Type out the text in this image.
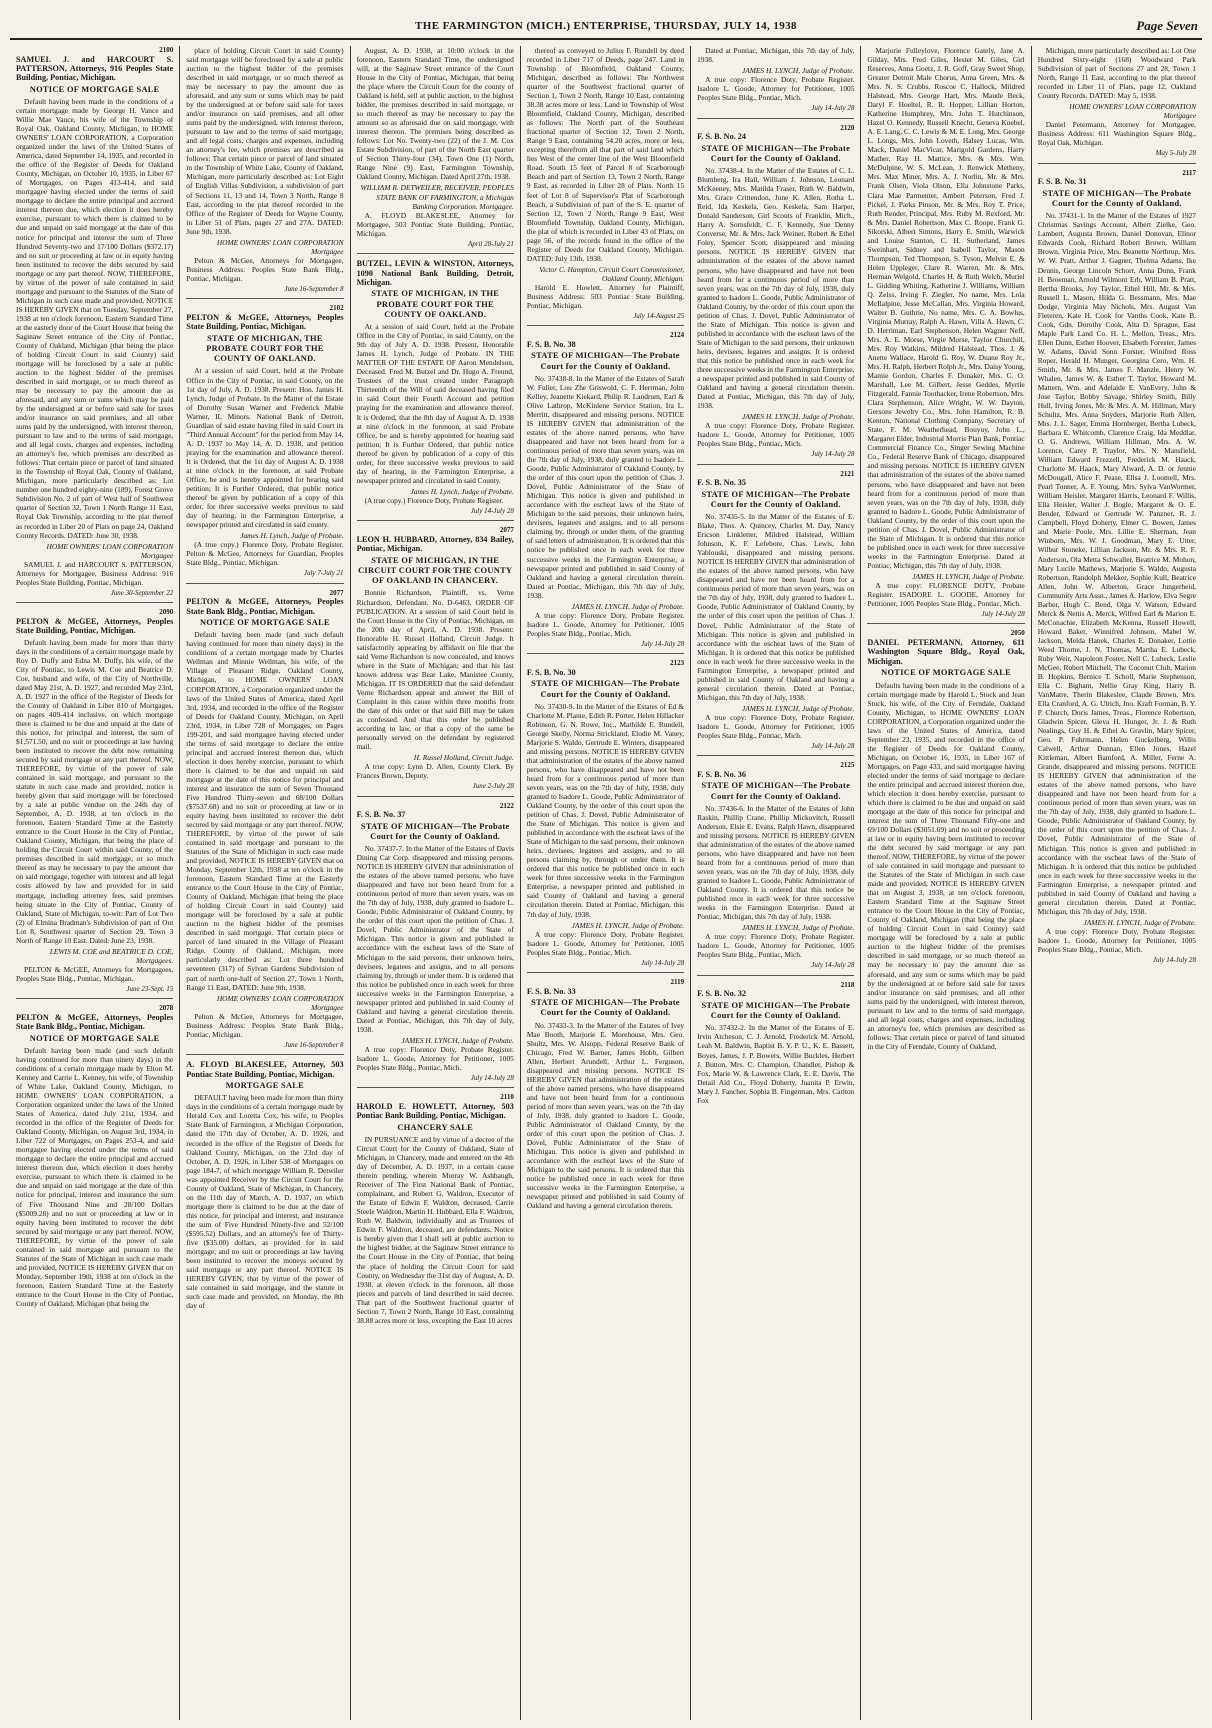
THE FARMINGTON (MICH.) ENTERPRISE, THURSDAY, JULY 14, 1938	Page Seven
2100
SAMUEL J. and HARCOURT S. PATTERSON, Attorneys, 916 Peoples State Building, Pontiac, Michigan.
NOTICE OF MORTGAGE SALE
Default having been made in the conditions of a certain mortgage made by George H. Vance and Willie Mae Vance, his wife of the Township of Royal Oak, Oakland County, Michigan, to HOME OWNERS' LOAN CORPORATION, a Corporation organized under the laws of the United States of America, dated September 14, 1935, and recorded in the office of the Register of Deeds for Oakland County, Michigan, on October 10, 1935, in Liber 67 of Mortgages, on Pages 413-414, and said mortgagee having elected under the terms of said mortgage to declare the entire principal and accrued interest thereon due, which election it does hereby exercise, pursuant to which there is claimed to be due and unpaid on said mortgage at the date of this notice for principal and interest the sum of Three Hundred Seventy-two and 17/100 Dollars ($372.17) and no suit or proceeding at law or in equity having been instituted to recover the debt secured by said mortgage or any part thereof. NOW, THEREFORE, by virtue of the power of sale contained in said mortgage and pursuant to the Statutes of the State of Michigan in such case made and provided, NOTICE IS HEREBY GIVEN that on Tuesday, September 27, 1938 at ten o'clock forenoon, Eastern Standard Time at the easterly door of the Court House that being the Saginaw Street entrance of the City of Pontiac, County of Oakland, Michigan (that being the place of holding Circuit Court in said County) said mortgage will be foreclosed by a sale at public auction to the highest bidder of the premises described in said mortgage, or so much thereof as may be necessary to pay the amount due as aforesaid, and any sum or sums which may be paid by the undersigned at or before said sale for taxes and/or insurance on said premises, and all other sums paid by the undersigned, with interest thereon, pursuant to law and to the terms of said mortgage, and all legal costs, charges and expenses, including an attorney's fee, which premises are described as follows: That certain piece or parcel of land situated in the Township of Royal Oak, County of Oakland, Michigan, more particularly described as: Lot number one hundred eighty-nine (189), Forest Grove Subdivision No. 2 of part of West half of Southwest quarter of Section 32, Town 1 North Range 11 East, Royal Oak Township, according to the plat thereof as recorded in Liber 20 of Plats on page 24, Oakland County Records. DATED: June 30, 1938.
HOME OWNERS' LOAN CORPORATION Mortgagee
SAMUEL J. and HARCOURT S. PATTERSON, Attorneys for Mortgagee, Business Address: 916 Peoples State Building, Pontiac, Michigan.
June 30-September 22
2090
PELTON & McGEE, Attorneys, Peoples State Building, Pontiac, Michigan.
Default having been made for more than thirty days in the conditions of a certain mortgage made by Roy D. Duffy and Edna M. Duffy, his wife, of the City of Pontiac, to Lewis M. Coe and Beatrice D. Coe, husband and wife, of the City of Northville, dated May 21st, A. D. 1927, and recorded May 23rd, A. D. 1927 in the office of the Register of Deeds for the County of Oakland in Liber 810 of Mortgages, on pages 409-414 inclusive, on which mortgage there is claimed to be due and unpaid at the date of this notice, for principal and interest, the sum of $1,571.50, and no suit or proceedings at law having been instituted to recover the debt now remaining secured by said mortgage or any part thereof. NOW, THEREFORE, by virtue of the power of sale contained in said mortgage, and pursuant to the statute in such case made and provided, notice is hereby given that said mortgage will be foreclosed by a sale at public vendue on the 24th day of September, A. D. 1938, at ten o'clock in the forenoon, Eastern Standard Time at the Easterly entrance to the Court House in the City of Pontiac, Oakland County, Michigan, that being the place of holding the Circuit Court within said County, of the premises described in said mortgage, or so much thereof as may be necessary to pay the amount due on said mortgage, together with interest and all legal costs allowed by law and provided for in said mortgage, including attorney fees, said premises being situate in the City of Pontiac, County of Oakland, State of Michigan, to-wit: Part of Lot Two (2) of Elmina Bradman's Subdivision of part of Out Lot 8, Southwest quarter of Section 29, Town 3 North of Range 10 East. Dated: June 23, 1938.
LEWIS M. COE and BEATRICE D. COE, Mortgagees.
PELTON & McGEE, Attorneys for Mortgagees, Peoples State Bldg., Pontiac, Michigan.
June 23-Sept. 15
2078
PELTON & McGEE, Attorneys, Peoples State Bank Bldg., Pontiac, Michigan.
NOTICE OF MORTGAGE SALE
Default having been made (and such default having continued for more than ninety days) in the conditions of a certain mortgage made by Elton M. Kenney and Carrie L. Kenney, his wife, of Township of White Lake, Oakland County, Michigan, to HOME OWNERS' LOAN CORPORATION, a Corporation organized under the laws of the United States of America, dated July 21st, 1934, and recorded in the office of the Register of Deeds for Oakland County, Michigan, on August 3rd, 1934, in Liber 722 of Mortgages, on Pages 253-4, and said mortgagee having elected under the terms of said mortgage to declare the entire principal and accrued interest thereon due, which election it does hereby exercise, pursuant to which there is claimed to be due and unpaid on said mortgage at the date of this notice for principal, interest and insurance the sum of Five Thousand Nine and 28/100 Dollars ($5009.28) and no suit or proceeding at law or in equity having been instituted to recover the debt secured by said mortgage or any part thereof. NOW, THEREFORE, by virtue of the power of sale contained in said mortgage and pursuant to the Statutes of the State of Michigan in such case made and provided, NOTICE IS HEREBY GIVEN that on Monday, September 19th, 1938 at ten o'clock in the forenoon, Eastern Standard Time at the Easterly entrance to the Court House in the City of Pontiac, County of Oakland, Michigan (that being the
place of holding Circuit Court in said County) said mortgage will be foreclosed by a sale at public auction to the highest bidder of the premises described in said mortgage, or so much thereof as may be necessary to pay the amount due as aforesaid, and any sum or sums which may be paid by the undersigned at or before said sale for taxes and/or insurance on said premises, and all other sums paid by the undersigned, with interest thereon, pursuant to law and to the terms of said mortgage, and all legal costs, charges and expenses, including an attorney's fee, which premises are described as follows: That certain piece or parcel of land situated in the Township of White Lake, County of Oakland, Michigan, more particularly described as: Lot Eight of English Villas Subdivision, a subdivision of part of Sections 11, 13 and 14, Town 3 North, Range 8 East, according to the plat thereof recorded in the Office of the Register of Deeds for Wayne County, in Liber 51 of Plats, pages 27 and 27A. DATED: June 9th, 1938.
HOME OWNERS' LOAN CORPORATION Mortgagee
Pelton & McGee, Attorneys for Mortgagee, Business Address: Peoples State Bank Bldg., Pontiac, Michigan.
June 16-September 8
2102
PELTON & McGEE, Attorneys, Peoples State Building, Pontiac, Michigan.
STATE OF MICHIGAN, THE PROBATE COURT FOR THE COUNTY OF OAKLAND.
At a session of said Court, held at the Probate Office in the City of Pontiac, in said County, on the 1st day of July, A. D. 1938. Present: Hon. James H. Lynch, Judge of Probate. In the Matter of the Estate of Dorothy Susan Warner and Frederick Mabie Warner, II, Minors. National Bank of Detroit, Guardian of said estate having filed in said Court its "Third Annual Account" for the period from May 14, A. D. 1937 to May 14, A. D. 1938, and petition praying for the examination and allowance thereof. It is Ordered, that the 1st day of August A. D. 1938 at nine o'clock in the forenoon, at said Probate Office, be and is hereby appointed for hearing said petition; It is Further Ordered, that public notice thereof be given by publication of a copy of this order, for three successive weeks previous to said day of hearing, in the Farmington Enterprise, a newspaper printed and circulated in said county.
James H. Lynch, Judge of Probate.
(A true copy.) Florence Doty, Probate Register. Pelton & McGee, Attorneys for Guardian, Peoples State Bldg., Pontiac, Michigan.
July 7-July 21
2077
PELTON & McGEE, Attorneys, Peoples State Bank Bldg., Pontiac, Michigan.
NOTICE OF MORTGAGE SALE
Default having been made (and such default having continued for more than ninety days) in the conditions of a certain mortgage made by Charles Wellman and Minnie Wellman, his wife, of the Village of Pleasant Ridge, Oakland County, Michigan, to HOME OWNERS' LOAN CORPORATION, a Corporation organized under the laws of the United States of America, dated April 3rd, 1934, and recorded in the office of the Register of Deeds for Oakland County, Michigan, on April 23rd, 1934, in Liber 728 of Mortgages, on Pages 199-201, and said mortgagee having elected under the terms of said mortgage to declare the entire principal and accrued interest thereon due, which election it does hereby exercise, pursuant to which there is claimed to be due and unpaid on said mortgage at the date of this notice for principal and interest and insurance the sum of Seven Thousand Five Hundred Thirty-seven and 68/100 Dollars ($7537.68) and no suit or proceeding at law or in equity having been instituted to recover the debt secured by said mortgage or any part thereof. NOW, THEREFORE, by virtue of the power of sale contained in said mortgage and pursuant to the Statutes of the State of Michigan in such case made and provided, NOTICE IS HEREBY GIVEN that on Monday, September 12th, 1938 at ten o'clock in the forenoon, Eastern Standard Time at the Easterly entrance to the Court House in the City of Pontiac, County of Oakland, Michigan (that being the place of holding Circuit Court in said County) said mortgage will be foreclosed by a sale at public auction to the highest bidder of the premises described in said mortgage. That certain piece or parcel of land situated in the Village of Pleasant Ridge, County of Oakland, Michigan, more particularly described as: Lot three hundred seventeen (317) of Sylvan Gardens Subdivision of part of north one-half of Section 27, Town 1 North, Range 11 East, DATED: June 9th, 1938.
HOME OWNERS' LOAN CORPORATION Mortgagee
Pelton & McGee, Attorneys for Mortgagee, Business Address: Peoples State Bank Bldg., Pontiac, Michigan.
June 16-September 8
A. FLOYD BLAKESLEE, Attorney, 503 Pontiac State Building, Pontiac, Michigan.
MORTGAGE SALE
DEFAULT having been made for more than thirty days in the conditions of a certain mortgage made by Herald Cox and Loretta Cox, his wife, to Peoples State Bank of Farmington, a Michigan Corporation, dated the 17th day of October, A. D. 1926, and recorded in the office of the Register of Deeds for Oakland County, Michigan, on the 23rd day of October, A. D. 1926, in Liber 538 of Mortgages on page 184-7, of which mortgage William R. Detwiler was appointed Receiver by the Circuit Court for the County of Oakland, State of Michigan, in Chancery, on the 11th day of March, A. D. 1937, on which mortgage there is claimed to be due at the date of this notice, for principal and interest, and insurance the sum of Five Hundred Ninety-five and 52/100 ($595.52) Dollars, and an attorney's fee of Thirty-five ($35.00) dollars, as provided for in said mortgage, and no suit or proceedings at law having been instituted to recover the moneys secured by said mortgage or any part thereof. NOTICE IS HEREBY GIVEN, that by virtue of the power of sale contained in said mortgage, and the statute in such case made and provided, on Monday, the 8th day of
August, A. D. 1938, at 10:00 o'clock in the forenoon, Eastern Standard Time, the undersigned will, at the Saginaw Street entrance of the Court House in the City of Pontiac, Michigan, that being the place where the Circuit Court for the county of Oakland is held, sell at public auction, to the highest bidder, the premises described in said mortgage, or so much thereof as may be necessary to pay the amount so as aforesaid due on said mortgage, with interest thereon. The premises being described as follows: Lot No. Twenty-two (22) of the J. M. Cox Estate Subdivision, of part of the North East quarter of Section Thirty-four (34), Town One (1) North, Range Nine (9) East, Farmington Township, Oakland County, Michigan. Dated April 27th, 1938.
WILLIAM R. DETWEILER, RECEIVER, PEOPLES STATE BANK OF FARMINGTON, a Michigan Banking Corporation. Mortgagee.
A. FLOYD BLAKESLEE, Attorney for Mortgagee, 503 Pontiac State Building, Pontiac, Michigan.
April 28-July 21
BUTZEL, LEVIN & WINSTON, Attorneys, 1090 National Bank Building, Detroit, Michigan.
STATE OF MICHIGAN, IN THE PROBATE COURT FOR THE COUNTY OF OAKLAND.
At a session of said Court, held at the Probate Office in the City of Pontiac, in said County, on the 9th day of July A. D. 1938. Present, Honorable James H. Lynch, Judge of Probate. IN THE MATTER OF THE ESTATE OF Aaron Mendelson, Deceased. Fred M. Butzel and Dr. Hugo A. Freund, Trustees of the trust created under Paragraph Thirteenth of the Will of said deceased having filed in said Court their Fourth Account and petition praying for the examination and allowance thereof. It is Ordered, that the 8th day of August A. D. 1938 at nine o'clock in the forenoon, at said Probate Office, be and is hereby appointed for hearing said petition; It is Further Ordered, that public notice thereof be given by publication of a copy of this order, for three successive weeks previous to said day of hearing, in the Farmington Enterprise, a newspaper printed and circulated in said County.
James H. Lynch, Judge of Probate.
(A true copy.) Florence Doty, Probate Register.
July 14-July 28
2077
LEON H. HUBBARD, Attorney, 834 Bailey, Pontiac, Michigan.
STATE OF MICHIGAN, IN THE CIRCUIT COURT FOR THE COUNTY OF OAKLAND IN CHANCERY.
Bonnie Richardson, Plaintiff, vs. Verne Richardson, Defendant. No. D-6463. ORDER OF PUBLICATION. At a session of said Court held in the Court House in the City of Pontiac, Michigan, on the 20th day of April, A. D. 1938. Present: Honorable H. Russel Holland, Circuit Judge. It satisfactorily appearing by affidavit on file that the said Verne Richardson is now concealed, and knows where in the State of Michigan; and that his last known address was Bear Lake, Manistee County, Michigan. IT IS ORDERED that the said defendant Verne Richardson appear and answer the Bill of Complaint in this cause within three months from the date of this order or that said Bill may be taken as confessed. And that this order be published according to law, or that a copy of the same be personally served on the defendant by registered mail.
H. Russel Holland, Circuit Judge.
A true copy: Lynn D. Allen, County Clerk. By Frances Brown, Deputy.
June 2-July 28
2122
F. S. B. No. 37
STATE OF MICHIGAN—The Probate Court for the County of Oakland.
No. 37437-7. In the Matter of the Estates of Davis Dining Car Corp. disappeared and missing persons. NOTICE IS HEREBY GIVEN that administration of the estates of the above named persons, who have disappeared and have not been heard from for a continuous period of more than seven years, was on the 7th day of July, 1938, duly granted to Isadore L. Goode, Public Administrator of Oakland County, by the order of this court upon the petition of Chas. J. Dovel, Public Administrator of the State of Michigan. This notice is given and published in accordance with the escheat laws of the State of Michigan to the said persons, their unknown heirs, devisees, legatees and assigns, and to all persons claiming by, through or under them. It is ordered that this notice be published once in each week for three successive weeks in the Farmington Enterprise, a newspaper printed and published in said County of Oakland and having a general circulation therein. Dated at Pontiac, Michigan, this 7th day of July, 1938.
JAMES H. LYNCH, Judge of Probate.
A true copy: Florence Doty, Probate Register. Isadore L. Goode, Attorney for Petitioner, 1005 Peoples State Bldg., Pontiac, Mich.
July 14-July 28
2110
HAROLD E. HOWLETT, Attorney, 503 Pontiac Bank Building, Pontiac, Michigan.
CHANCERY SALE
IN PURSUANCE and by virtue of a decree of the Circuit Court for the County of Oakland, State of Michigan, in Chancery, made and entered on the 4th day of December, A. D. 1937, in a certain cause therein pending, wherein Murray W. Ashbaugh, Receiver of The First National Bank of Pontiac, complainant, and Robert G. Waldron, Executor of the Estate of Edwin F. Waldron, deceased, Carrie Steele Waldron, Martin H. Hubbard, Ella F. Waldron, Ruth W. Baldwin, individually and as Trustees of Edwin F. Waldron, deceased, are defendants. Notice is hereby given that I shall sell at public auction to the highest bidder, at the Saginaw Street entrance to the Court House in the City of Pontiac, that being the place of holding the Circuit Court for said County, on Wednesday the 31st day of August, A. D. 1938, at eleven o'clock in the forenoon, all those pieces and parcels of land described in said decree. That part of the Southwest fractional quarter of Section 7, Town 2 North, Range 10 East, containing 38.88 acres more or less, excepting the East 10 acres
thereof as conveyed to Julius F. Rundell by deed recorded in Liber 717 of Deeds, page 247. Land in Township of Bloomfield, Oakland County, Michigan, described as follows: The Northwest quarter of the Southwest fractional quarter of Section 1, Town 2 North, Range 10 East, containing 38.38 acres more or less. Land in Township of West Bloomfield, Oakland County, Michigan, described as follows: The North part of the Southeast fractional quarter of Section 12, Town 2 North, Range 9 East, containing 54.20 acres, more or less, excepting therefrom all that part of said land which lies West of the center line of the West Bloomfield Road. South 15 feet of Parcel 8 of Scarborough Beach and part of Section 13, Town 2 North, Range 9 East, as recorded in Liber 28 of Plats. North 15 feet of Lot 8 of Supervisor's Plat of Scarborough Beach, a Subdivision of part of the S. E. quarter of Section 12, Town 2 North, Range 9 East, West Bloomfield Township, Oakland County, Michigan, the plat of which is recorded in Liber 43 of Plats, on page 56, of the records found in the office of the Register of Deeds for Oakland County, Michigan. DATED: July 13th, 1938.
Victor C. Hampton, Circuit Court Commissioner, Oakland County, Michigan.
Harold E. Howlett, Attorney for Plaintiff, Business Address: 503 Pontiac State Building, Pontiac, Michigan.
July 14-August 25
2124
F. S. B. No. 38
STATE OF MICHIGAN—The Probate Court for the County of Oakland.
No. 37438-8. In the Matter of the Estates of Sarah W. Fuller, Lou Zhe Griswold, C. F. Herrman, John Kelley, Jeanette Kiekard, Philip R. Landrum, Earl & Olive Lathrop, McKinlene Service Station, Ira L. Merritt, disappeared and missing persons. NOTICE IS HEREBY GIVEN that administration of the estates of the above named persons, who have disappeared and have not been heard from for a continuous period of more than seven years, was on the 7th day of July, 1938, duly granted to Isadore L. Goode, Public Administrator of Oakland County, by the order of this court upon the petition of Chas. J. Dovel, Public Administrator of the State of Michigan. This notice is given and published in accordance with the escheat laws of the State of Michigan to the said persons, their unknown heirs, devisees, legatees and assigns, and to all persons claiming by, through or under them, of the granting of said letters of administration. It is ordered that this notice be published once in each week for three successive weeks in the Farmington Enterprise, a newspaper printed and published in said County of Oakland and having a general circulation therein. Dated at Pontiac, Michigan, this 7th day of July, 1938.
JAMES H. LYNCH, Judge of Probate.
A true copy: Florence Doty, Probate Register. Isadore L. Goode, Attorney for Petitioner, 1005 Peoples State Bldg., Pontiac, Mich.
July 14-July 28
2123
F. S. B. No. 30
STATE OF MICHIGAN—The Probate Court for the County of Oakland.
No. 37430-9. In the Matter of the Estates of Ed & Charlotte M. Plante, Edith R. Porter, Helen Hillacker Robinson, G. N. Rowe, Inc., Mathilde E. Rundell, George Skelly, Norma Strickland, Elodie M. Vaney, Marjorie S. Waldo, Gertrude E. Winters, disappeared and missing persons. NOTICE IS HEREBY GIVEN that administration of the estates of the above named persons, who have disappeared and have not been heard from for a continuous period of more than seven years, was on the 7th day of July, 1938, duly granted to Isadore L. Goode, Public Administrator of Oakland County, by the order of this court upon the petition of Chas. J. Dovel, Public Administrator of the State of Michigan. This notice is given and published in accordance with the escheat laws of the State of Michigan to the said persons, their unknown heirs, devisees, legatees and assigns, and to all persons claiming by, through or under them. It is ordered that this notice be published once in each week for three successive weeks in the Farmington Enterprise, a newspaper printed and published in said County of Oakland and having a general circulation therein. Dated at Pontiac, Michigan, this 7th day of July, 1938.
JAMES H. LYNCH, Judge of Probate.
A true copy: Florence Doty, Probate Register. Isadore L. Goode, Attorney for Petitioner, 1005 Peoples State Bldg., Pontiac, Mich.
July 14-July 28
2119
F. S. B. No. 33
STATE OF MICHIGAN—The Probate Court for the County of Oakland.
No. 37433-3. In the Matter of the Estates of Ivey Mae Booth, Marjorie E. Morehouse, Mrs. Geo. Shultz, Mrs. W. Alsopp, Federal Reserve Bank of Chicago, Fred W. Barner, James Hobb, Gilbert Allen, Herbert Arundell, Arthur L. Ferguson, disappeared and missing persons. NOTICE IS HEREBY GIVEN that administration of the estates of the above named persons, who have disappeared and have not been heard from for a continuous period of more than seven years, was on the 7th day of July, 1938, duly granted to Isadore L. Goode, Public Administrator of Oakland County, by the order of this court upon the petition of Chas. J. Dovel, Public Administrator of the State of Michigan. This notice is given and published in accordance with the escheat laws of the State of Michigan to the said persons. It is ordered that this notice be published once in each week for three successive weeks in the Farmington Enterprise, a newspaper printed and published in said County of Oakland and having a general circulation therein.
Dated at Pontiac, Michigan, this 7th day of July, 1938.
JAMES H. LYNCH, Judge of Probate.
A true copy: Florence Doty, Probate Register. Isadore L. Goode, Attorney for Petitioner, 1005 Peoples State Bldg., Pontiac, Mich.
July 14-July 28
2120
F. S. B. No. 24
STATE OF MICHIGAN—The Probate Court for the County of Oakland.
No. 37438-4. In the Matter of the Estates of C. L. Blumberg, Ira Hall, William J. Johnson, Leonard McKeeney, Mrs. Matilda Fraser, Ruth W. Baldwin, Mrs. Grace Crittendon, June K. Allen, Rotha L. Reid, Ida Keskela, Geo. Keskela, Sam Harper, Donald Sanderson, Girl Scouts of Franklin, Mich., Harry A. Sornsfeldt, C. F. Kennedy, Sue Denny Converse, Mr. & Mrs. Jack Weiner, Robert & Ethel Foley, Spencer Scott, disappeared and missing persons. NOTICE IS HEREBY GIVEN that administration of the estates of the above named persons, who have disappeared and have not been heard from for a continuous period of more than seven years, was on the 7th day of July, 1938, duly granted to Isadore L. Goode, Public Administrator of Oakland County, by the order of this court upon the petition of Chas. J. Dovel, Public Administrator of the State of Michigan. This notice is given and published in accordance with the escheat laws of the State of Michigan to the said persons, their unknown heirs, devisees, legatees and assigns. It is ordered that this notice be published once in each week for three successive weeks in the Farmington Enterprise, a newspaper printed and published in said County of Oakland and having a general circulation therein. Dated at Pontiac, Michigan, this 7th day of July, 1938.
JAMES H. LYNCH, Judge of Probate.
A true copy: Florence Doty, Probate Register. Isadore L. Goode, Attorney for Petitioner, 1005 Peoples State Bldg., Pontiac, Mich.
July 14-July 28
2121
F. S. B. No. 35
STATE OF MICHIGAN—The Probate Court for the County of Oakland.
No. 37435-5. In the Matter of the Estates of E. Blake, Thos. A. Quincey, Charles M. Day, Nancy Ericson Linkletter, Mildred Halstead, William Johnson, K. F. Lefebore, Chas. Lewis, John Yablouski, disappeared and missing persons. NOTICE IS HEREBY GIVEN that administration of the estates of the above named persons, who have disappeared and have not been heard from for a continuous period of more than seven years, was on the 7th day of July, 1938, duly granted to Isadore L. Goode, Public Administrator of Oakland County, by the order of this court upon the petition of Chas. J. Dovel, Public Administrator of the State of Michigan. This notice is given and published in accordance with the escheat laws of the State of Michigan. It is ordered that this notice be published once in each week for three successive weeks in the Farmington Enterprise, a newspaper printed and published in said County of Oakland and having a general circulation therein. Dated at Pontiac, Michigan, this 7th day of July, 1938.
JAMES H. LYNCH, Judge of Probate.
A true copy: Florence Doty, Probate Register. Isadore L. Goode, Attorney for Petitioner, 1005 Peoples State Bldg., Pontiac, Mich.
July 14-July 28
2125
F. S. B. No. 36
STATE OF MICHIGAN—The Probate Court for the County of Oakland.
No. 37436-6. In the Matter of the Estates of John Raskin, Phillip Crane, Phillip Mickovitch, Russell Anderson, Elsie E. Evans, Ralph Hawn, disappeared and missing persons. NOTICE IS HEREBY GIVEN that administration of the estates of the above named persons, who have disappeared and have not been heard from for a continuous period of more than seven years, was on the 7th day of July, 1938, duly granted to Isadore L. Goode, Public Administrator of Oakland County. It is ordered that this notice be published once in each week for three successive weeks in the Farmington Enterprise. Dated at Pontiac, Michigan, this 7th day of July, 1938.
JAMES H. LYNCH, Judge of Probate.
A true copy: Florence Doty, Probate Register. Isadore L. Goode, Attorney for Petitioner, 1005 Peoples State Bldg., Pontiac, Mich.
July 14-July 28
2118
F. S. B. No. 32
STATE OF MICHIGAN—The Probate Court for the County of Oakland.
No. 37432-2. In the Matter of the Estates of E. Irvin Atcheson, C. J. Arnold, Frederick M. Arnold, Leah M. Baldwin, Baptist B. Y. P. U., K. E. Bassett, Boyes, James, J. P. Bowers, Willie Buckles, Herbert J. Button, Mrs. C. Champion, Chandler, Pishop & Fox, Marie W. & Lawrence Clark, E. E. Davis, The Detail Aid Co., Floyd Doherty, Juanita P. Erwin, Mary J. Fancher, Sophia B. Fingerman, Mrs. Carlton Fox
Marjorie Fulleylove, Florence Gately, Jane A. Gilday, Mrs. Fred Giles, Hester M. Giles, Girl Reserves, Anna Goetz, J. R. Goff, Gray Sweet Shop, Greater Detroit Male Chorus, Anna Green, Mrs. & Mrs. N. S. Crubbs, Roscoe C. Hallock, Mildred Halstead, Mrs. George Hart, Mrs. Maude Beck, Daryl F. Hoeltel, R. R. Hopper, Lillian Horton, Katherine Humphrey, Mrs. John T. Hutchinson, Hazel O. Kennedy, Russell Knecht, Geneva Knebel, A. E. Lang, C. C. Lewis & M. E. Long, Mrs. George L. Longs, Mrs. John Loveth, Halsey Lucas, Wm. Mack, Daniel MacVicar, Marigold Gardens, Harry Mather, Ray H. Mattice, Mrs. & Mrs. Wm. McDulpine, W. S. McLean, J. Renwick Metheny, Mrs. Max Miner, Mrs. A. J. Norlin, Mr. & Mrs. Frank Olsen, Viola Olson, Ella Johnstone Parks, Clara Mae Parmenter, Ambert Peterson, Fred J. Pickel, J. Parks Pinson, Mr. & Mrs. Roy T. Price, Ruth Render, Principal, Mrs. Ruby M. Rexford, Mr. & Mrs. Daniel Robertson, Max C. Roope, Frank G. Sikorski, Albert Simons, Harry E. Smith, Warwick and Louise Stanton, C. H. Sutherland, James Sweinhart, Sidney and Isabell Taylor, Mason Thompson, Ted Thompson, S. Tyson, Melvin E. & Helen Uppleger, Clare R. Warren, Mr. & Mrs. Herman Welgold, Charles H. & Ruth Welch, Muriel L. Gidding Whiting, Katherine J. Williams, William Q. Zelss, Irving F. Ziegler, No name, Mrs. Lola McIlalpine, Jesse McCallan, Mrs. Virginia Howard, Walter B. Guthrie, No name, Mrs. C. A. Bowlus, Virginia Murray, Ralph A. Hawn, Villa A. Hawn, C. D. Herriman, Earl Stephenson, Helen Wagner Neff, Mrs. A. E. Morse, Virgie Morse, Taylor Churchill, Mrs. Roy Watkins, Mildred Halstead, Thos. J. & Anette Wallace, Harold G. Roy, W. Duane Roy Jr., Mrs. H. Ralph, Herbert Rolph Jr., Mrs. Daisy Young, Mamie Gordon, Charles F. Donaker, Mrs. C. O. Marshall, Lee M. Gilbert, Jesse Geddes, Myrtle Fitzgerald, Fannie Toothacker, Irene Robertson, Mrs. Clara Stephenson, Alice Wright, W. W. Dayton, Gersons Jewelry Co., Mrs. John Hamilton, R. B. Kenton, National Clothing Company, Secretary of State, F. M. Weatherhead, Bouyuy, John L., Margaret Elder, Industrial Morris Plan Bank, Pontiac Commercial Finance Co., Singer Sewing Machine Co., Federal Reserve Bank of Chicago, disappeared and missing persons. NOTICE IS HEREBY GIVEN that administration of the estates of the above named persons, who have disappeared and have not been heard from for a continuous period of more than seven years, was on the 7th day of July, 1938, duly granted to Isadore L. Goode, Public Administrator of Oakland County, by the order of this court upon the petition of Chas. J. Dovel, Public Administrator of the State of Michigan. It is ordered that this notice be published once in each week for three successive weeks in the Farmington Enterprise. Dated at Pontiac, Michigan, this 7th day of July, 1938.
JAMES H. LYNCH, Judge of Probate.
A true copy: FLORENCE DOTY, Probate Register. ISADORE L. GOODE, Attorney for Petitioner, 1005 Peoples State Bldg., Pontiac, Mich.
July 14-July 28
2050
DANIEL PETERMANN, Attorney, 611 Washington Square Bldg., Royal Oak, Michigan.
NOTICE OF MORTGAGE SALE
Defaults having been made in the conditions of a certain mortgage made by Harold L. Stock and Jean Stock, his wife, of the City of Ferndale, Oakland County, Michigan, to HOME OWNERS' LOAN CORPORATION, a Corporation organized under the laws of the United States of America, dated September 23, 1935, and recorded in the office of the Register of Deeds for Oakland County, Michigan, on October 16, 1935, in Liber 167 of Mortgages, on Page 433, and said mortgagee having elected under the terms of said mortgage to declare the entire principal and accrued interest thereon due, which election it does hereby exercise, pursuant to which there is claimed to be due and unpaid on said mortgage at the date of this notice for principal and interest the sum of Three Thousand Fifty-one and 69/100 Dollars ($3051.69) and no suit or proceeding at law or in equity having been instituted to recover the debt secured by said mortgage or any part thereof. NOW, THEREFORE, by virtue of the power of sale contained in said mortgage and pursuant to the Statutes of the State of Michigan in such case made and provided, NOTICE IS HEREBY GIVEN that on August 3, 1938, at ten o'clock forenoon, Eastern Standard Time at the Saginaw Street entrance to the Court House in the City of Pontiac, County of Oakland, Michigan (that being the place of holding Circuit Court in said County) said mortgage will be foreclosed by a sale at public auction to the highest bidder of the premises described in said mortgage, or so much thereof as may be necessary to pay the amount due as aforesaid, and any sum or sums which may be paid by the undersigned at or before said sale for taxes and/or insurance on said premises, and all other sums paid by the undersigned, with interest thereon, pursuant to law and to the terms of said mortgage, and all legal costs, charges and expenses, including an attorney's fee, which premises are described as follows: That certain piece or parcel of land situated in the City of Ferndale, County of Oakland,
Michigan, more particularly described as: Lot One Hundred Sixty-eight (168) Woodward Park Subdivision of part of Sections 27 and 28, Town 1 North, Range 11 East, according to the plat thereof recorded in Liber 11 of Plats, page 12, Oakland County Records. DATED: May 5, 1938.
HOME OWNERS' LOAN CORPORATION Mortgagee
Daniel Petermann, Attorney for Mortgagee, Business Address: 611 Washington Square Bldg., Royal Oak, Michigan.
May 5-July 28
2117
F. S. B. No. 31
STATE OF MICHIGAN—The Probate Court for the County of Oakland.
No. 37431-1. In the Matter of the Estates of 1927 Christmas Savings Account, Albert Zielke, Geo. Lambert, Augusta Brown, Daniel Donovan, Elinor Edwards Cook, Richard Robert Brown, William Brown, Virginia Price, Mrs. Beanette Northrup, Mrs. W. W. Pratt, Arthur J. Gagner, Thelma Adams, Ike Dennis, George Lincoln Schorr, Anna Dunn, Frank H. Broeman, Arnold Wilmont Erb, William B. Pratt, Bertha Brooks, Joy Taylor, Ethel Hill, Mr. & Mrs. Russell L. Mason, Hilda G. Bessmann, Mrs. Mae Dodge, Virginia May Nichols, Mrs. August Van Fleteren, Kate H. Cook for Vanths Cook, Kate B. Cook, Gdn. Dorothy Cook, Alta D. Sprague, East Maple Park Land Co. H. L. Mellon, Treas., Mrs. Ellen Dunn, Esther Hoover, Elsabeth Forester, James W. Adams, David Sonn Forster, Winifred Ross Roper, Herald H. Munger, Georgina Cero, Wm. H. Smith, Mr. & Mrs. James F. Manzle, Henry W. Whalen, James W. & Esther T. Taylor, Howard M. Mattern, Wm. and Adelaide E. VanEvery, John & Jose Taylor, Bobby Savage, Shirley Smith, Billy Hull, Irving Jones, Mr. & Mrs. A. M. Hillman, Mary Schultz, Mrs. Anna Snyders, Marjorie Ruth Allen, Mrs. J. L. Sager, Emma Hornberger, Bertha Lubeck, Barbara E. Whitcomb, Clarence Craig, Ida Meddlar, O. G. Andrews, William Hillman, Mrs. A. W. Lorence, Carey P. Traylor, Mrs. N. Mansfield, William Edward Frezzell, Frederick M. Haack, Charlotte M. Haack, Mary Alward, A. D. or Jennie McDougall, Alice F. Pease, Ellsa J. Loomell, Mrs. Pearl Tonner, A. F. Young, Mrs. Sylva VanWormer, William Heisler, Margaret Harris, Leonard F. Willis, Ella Heisler, Walter J. Bogle, Margaret & O. E. Bender, Edward or Gertrude W. Panzner, R. J. Campbell, Floyd Doherty, Elmer C. Bowen, James and Marie Poole, Mrs. Lillie E. Sherman, Jean Winborn, Mrs. W. J. Goodman, Mary E. Utter, Wilbur Stoneke, Lillian Jackson, Mr. & Mrs. R. F. Anderson, Ola Metta Schwaller, Beatrice M. Mohon, Mary Lucile Mathews, Marjorie S. Waldo, Augusta Robertson, Randolph Mekker, Sophie Kull, Beatrice Allen, John W. Alberton, Grace Jungerheid, Community Arts Assn., James A. Harlow, Elva Segre Barber, Hugh C. Bend, Olga V. Watson, Edward Merck & Nettis A. Merck, Wilfred Earl & Marion E. McConachie, Elizabeth McKenna, Russell Howell, Howard Baker, Winnifred Johnson, Mabel W. Jackson, Melda Hanek, Charles E. Donaker, Lottie Weed Thorne, J. N. Thomas, Martha E. Lubeck, Ruby Weir, Napoleon Foster, Nell C. Lubeck, Leslie McGee, Robert Mitchell, The Coconut Club, Marion B. Hopkins, Bernice T. Scholl, Marie Stephenson, Ella C. Bigham, Nellie Gray King, Harry B. VanMatre, Therin Blakeslee, Claude Brown, Mrs. Ella Cranford, A. G. Ulrich, Jno. Kraft Forman, B. Y. P. Church, Doris James, Treas., Florence Robertson, Gladwin Spicer, Gleva H. Hunger, Jr. J. & Ruth Nealings, Guy H. & Ethel A. Gravlin, Mary Spicer, Geo. P. Fuhrmann, Helen Guckelberg, Willis Calwell, Arthur Dunnan, Ellen Jones, Hazel Kittleman, Albert Bamford, A. Miller, Ferne A. Grande, disappeared and missing persons. NOTICE IS HEREBY GIVEN that administration of the estates of the above named persons, who have disappeared and have not been heard from for a continuous period of more than seven years, was on the 7th day of July, 1938, duly granted to Isadore L. Goode, Public Administrator of Oakland County, by the order of this court upon the petition of Chas. J. Dovel, Public Administrator of the State of Michigan. This notice is given and published in accordance with the escheat laws of the State of Michigan. It is ordered that this notice be published once in each week for three successive weeks in the Farmington Enterprise, a newspaper printed and published in said County of Oakland and having a general circulation therein. Dated at Pontiac, Michigan, this 7th day of July, 1938.
JAMES H. LYNCH, Judge of Probate.
A true copy: Florence Doty, Probate Register. Isadore L. Goode, Attorney for Petitioner, 1005 Peoples State Bldg., Pontiac, Mich.
July 14-July 28
